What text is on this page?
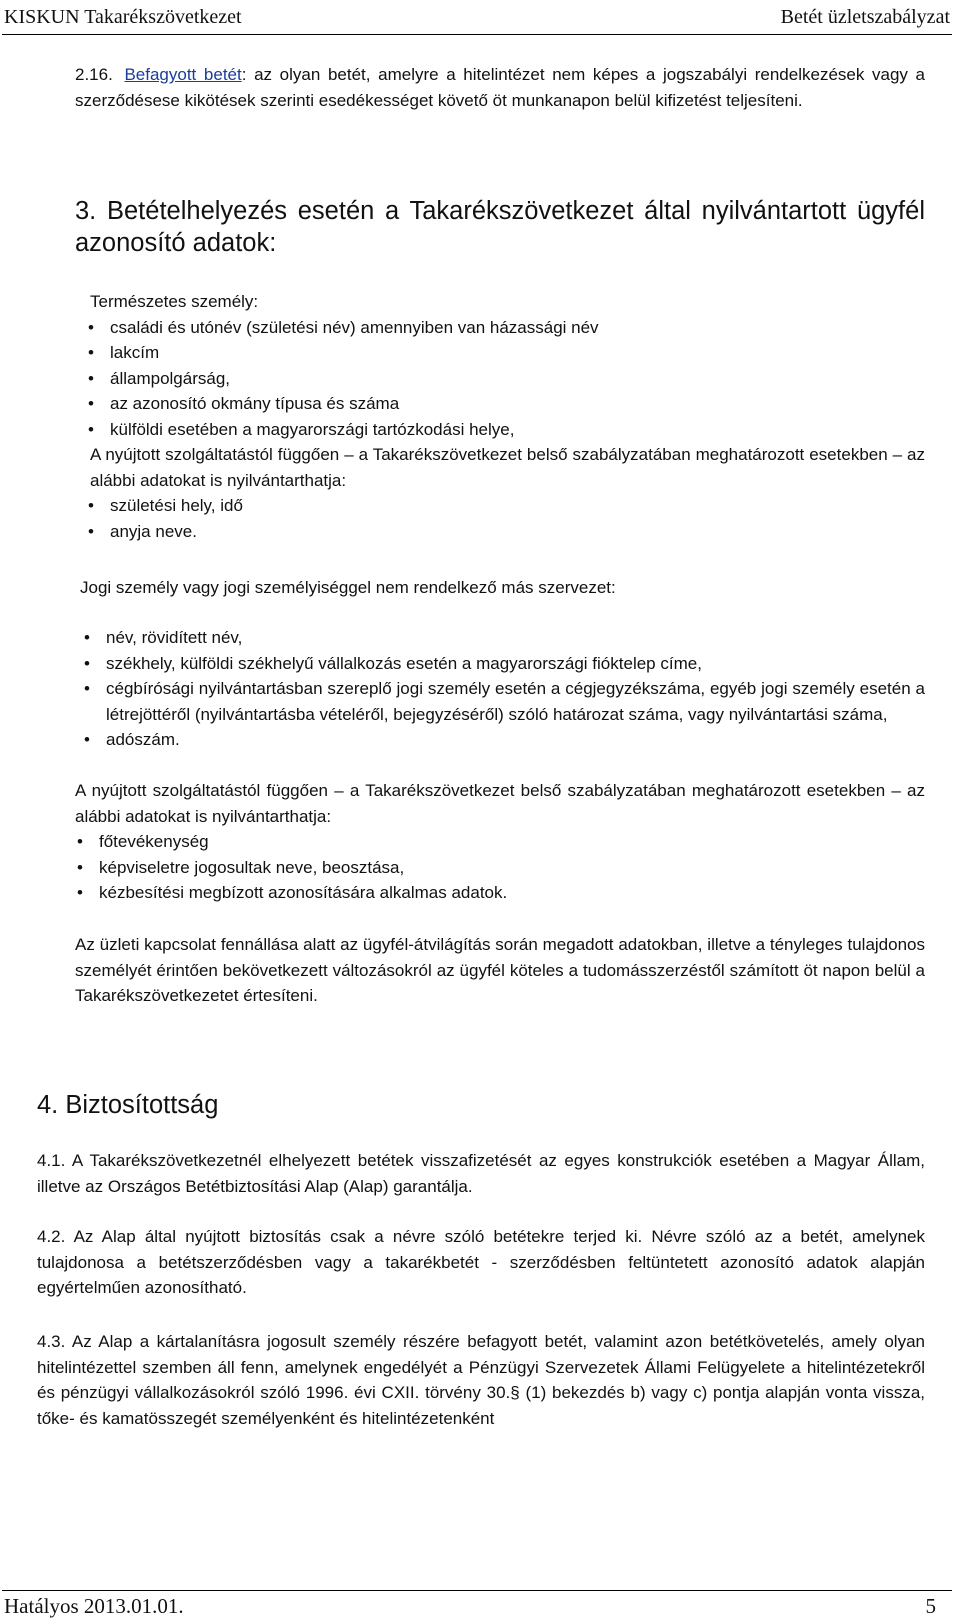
KISKUN Takarékszövetkezet	Betét üzletszabályzat
2.16. Befagyott betét: az olyan betét, amelyre a hitelintézet nem képes a jogszabályi rendelkezések vagy a szerződésese kikötések szerinti esedékességet követő öt munkanapon belül kifizetést teljesíteni.
3. Betételhelyezés esetén a Takarékszövetkezet által nyilvántartott ügyfél azonosító adatok:

Természetes személy:

• családi és utónév (születési név) amennyiben van házassági név
• lakcím
• állampolgárság,
• az azonosító okmány típusa és száma
• külföldi esetében a magyarországi tartózkodási helye,

A nyújtott szolgáltatástól függően – a Takarékszövetkezet belső szabályzatában meghatározott esetekben – az alábbi adatokat is nyilvántarthatja:

• születési hely, idő
• anyja neve.

Jogi személy vagy jogi személyiséggel nem rendelkező más szervezet:

• név, rövidített név,
• székhely, külföldi székhelyű vállalkozás esetén a magyarországi fióktelep címe,
• cégbírósági nyilvántartásban szereplő jogi személy esetén a cégjegyzékszáma, egyéb jogi személy esetén a létrejöttéről (nyilvántartásba vételéről, bejegyzéséről) szóló határozat száma, vagy nyilvántartási száma,
• adószám.

A nyújtott szolgáltatástól függően – a Takarékszövetkezet belső szabályzatában meghatározott esetekben – az alábbi adatokat is nyilvántarthatja:

• főtevékenység
• képviseletre jogosultak neve, beosztása,
• kézbesítési megbízott azonosítására alkalmas adatok.
Az üzleti kapcsolat fennállása alatt az ügyfél-átvilágítás során megadott adatokban, illetve a tényleges tulajdonos személyét érintően bekövetkezett változásokról az ügyfél köteles a tudomásszerzéstől számított öt napon belül a Takarékszövetkezetet értesíteni.
4. Biztosítottság
4.1. A Takarékszövetkezetnél elhelyezett betétek visszafizetését az egyes konstrukciók esetében a Magyar Állam, illetve az Országos Betétbiztosítási Alap (Alap) garantálja.
4.2. Az Alap által nyújtott biztosítás csak a névre szóló betétekre terjed ki. Névre szóló az a betét, amelynek tulajdonosa a betétszerződésben vagy a takarékbetét - szerződésben feltüntetett azonosító adatok alapján egyértelműen azonosítható.
4.3. Az Alap a kártalanításra jogosult személy részére befagyott betét, valamint azon betétkövetelés, amely olyan hitelintézettel szemben áll fenn, amelynek engedélyét a Pénzügyi Szervezetek Állami Felügyelete a hitelintézetekről és pénzügyi vállalkozásokról szóló 1996. évi CXII. törvény 30.§ (1) bekezdés b) vagy c) pontja alapján vonta vissza, tőke- és kamatösszegét személyenként és hitelintézetenként
Hatályos 2013.01.01.	5
